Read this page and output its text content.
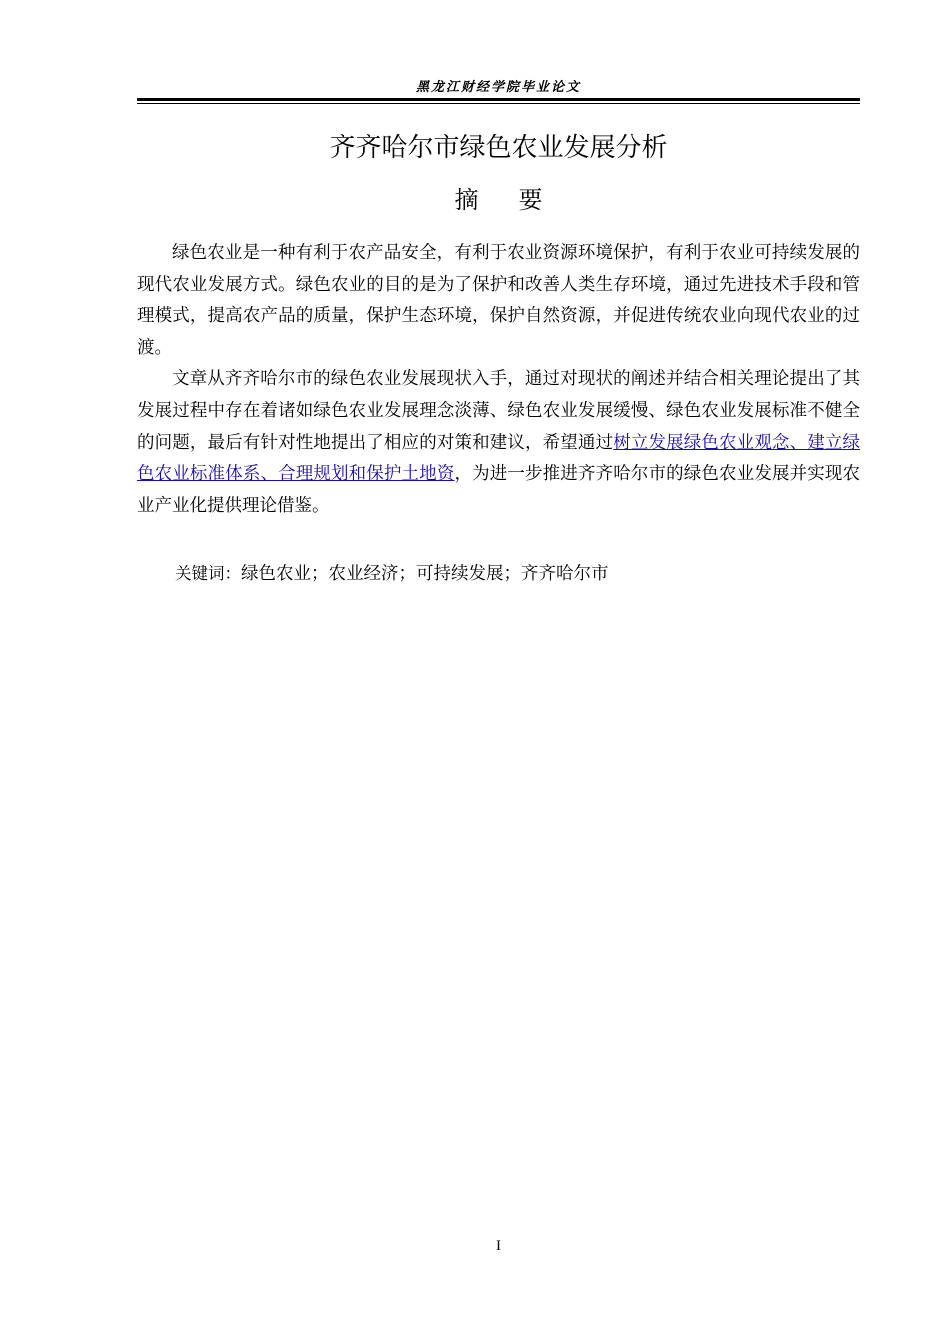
黑龙江财经学院毕业论文
齐齐哈尔市绿色农业发展分析
摘要

绿色农业是一种有利于农产品安全，有利于农业资源环境保护，有利于农业可持续发展的现代农业发展方式。绿色农业的目的是为了保护和改善人类生存环境，通过先进技术手段和管理模式，提高农产品的质量，保护生态环境，保护自然资源，并促进传统农业向现代农业的过渡。

文章从齐齐哈尔市的绿色农业发展现状入手，通过对现状的阐述并结合相关理论提出了其发展过程中存在着诸如绿色农业发展理念淡薄、绿色农业发展缓慢、绿色农业发展标准不健全的问题，最后有针对性地提出了相应的对策和建议，希望通过树立发展绿色农业观念、建立绿色农业标准体系、合理规划和保护土地资，为进一步推进齐齐哈尔市的绿色农业发展并实现农业产业化提供理论借鉴。

关键词：绿色农业；农业经济；可持续发展；齐齐哈尔市
I
